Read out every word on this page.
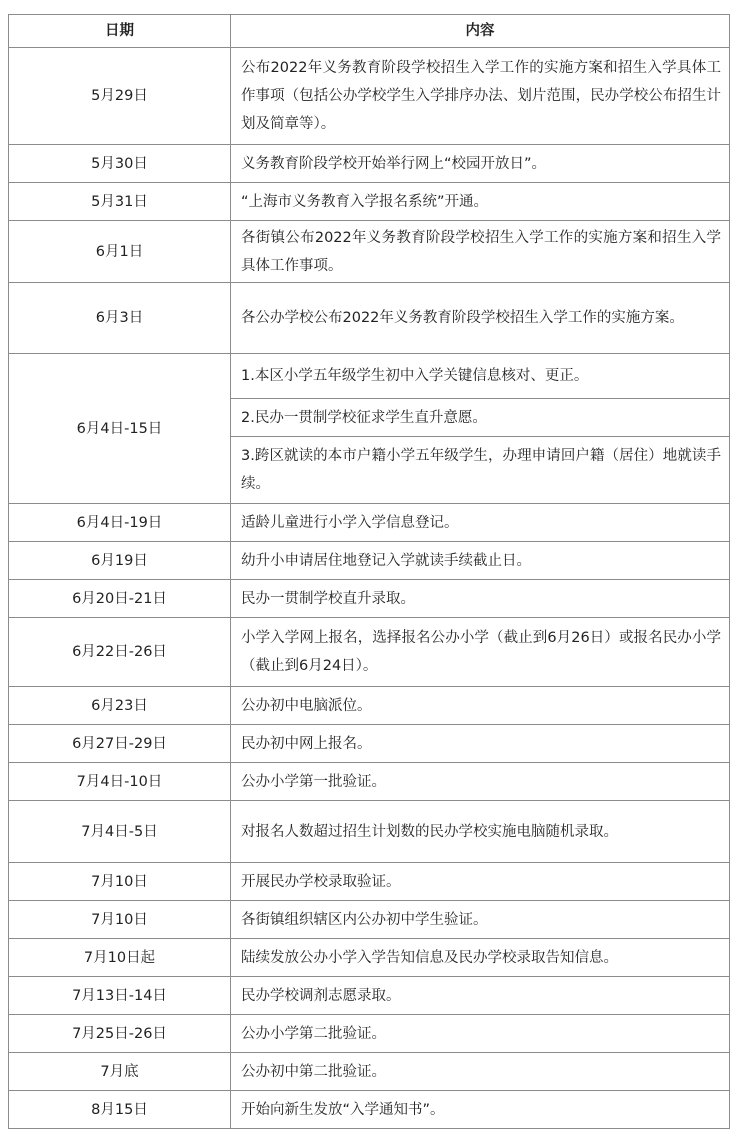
日期	内容
5月29日	公布2022年义务教育阶段学校招生入学工作的实施方案和招生入学具体工作事项（包括公办学校学生入学排序办法、划片范围，民办学校公布招生计划及简章等）。
5月30日	义务教育阶段学校开始举行网上“校园开放日”。
5月31日	“上海市义务教育入学报名系统”开通。
6月1日	各街镇公布2022年义务教育阶段学校招生入学工作的实施方案和招生入学具体工作事项。
6月3日	各公办学校公布2022年义务教育阶段学校招生入学工作的实施方案。
6月4日-15日	1.本区小学五年级学生初中入学关键信息核对、更正。
	2.民办一贯制学校征求学生直升意愿。
	3.跨区就读的本市户籍小学五年级学生，办理申请回户籍（居住）地就读手续。
6月4日-19日	适龄儿童进行小学入学信息登记。
6月19日	幼升小申请居住地登记入学就读手续截止日。
6月20日-21日	民办一贯制学校直升录取。
6月22日-26日	小学入学网上报名，选择报名公办小学（截止到6月26日）或报名民办小学（截止到6月24日）。
6月23日	公办初中电脑派位。
6月27日-29日	民办初中网上报名。
7月4日-10日	公办小学第一批验证。
7月4日-5日	对报名人数超过招生计划数的民办学校实施电脑随机录取。
7月10日	开展民办学校录取验证。
7月10日	各街镇组织辖区内公办初中学生验证。
7月10日起	陆续发放公办小学入学告知信息及民办学校录取告知信息。
7月13日-14日	民办学校调剂志愿录取。
7月25日-26日	公办小学第二批验证。
7月底	公办初中第二批验证。
8月15日	开始向新生发放“入学通知书”。
